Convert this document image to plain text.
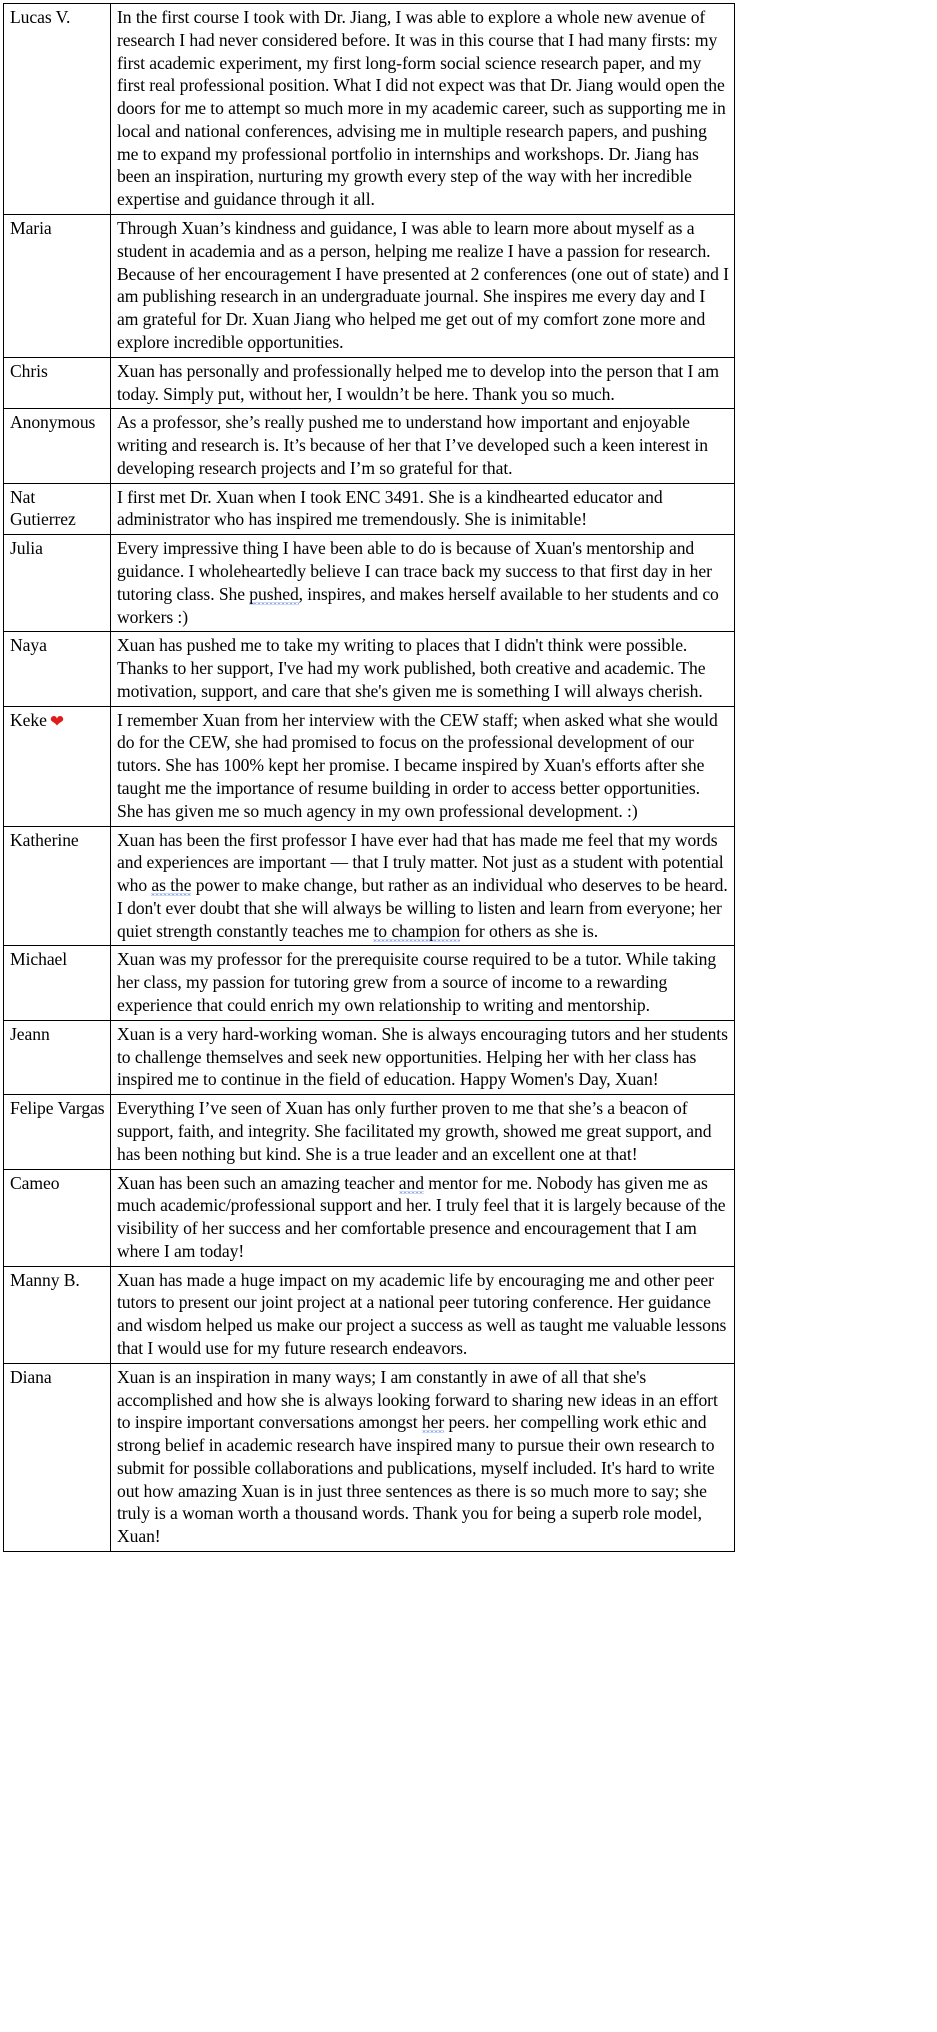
Lucas V.	In the first course I took with Dr. Jiang, I was able to explore a whole new avenue of research I had never considered before. It was in this course that I had many firsts: my first academic experiment, my first long-form social science research paper, and my first real professional position. What I did not expect was that Dr. Jiang would open the doors for me to attempt so much more in my academic career, such as supporting me in local and national conferences, advising me in multiple research papers, and pushing me to expand my professional portfolio in internships and workshops. Dr. Jiang has been an inspiration, nurturing my growth every step of the way with her incredible expertise and guidance through it all.
Maria	Through Xuan’s kindness and guidance, I was able to learn more about myself as a student in academia and as a person, helping me realize I have a passion for research. Because of her encouragement I have presented at 2 conferences (one out of state) and I am publishing research in an undergraduate journal. She inspires me every day and I am grateful for Dr. Xuan Jiang who helped me get out of my comfort zone more and explore incredible opportunities.
Chris	Xuan has personally and professionally helped me to develop into the person that I am today. Simply put, without her, I wouldn’t be here. Thank you so much.
Anonymous	As a professor, she’s really pushed me to understand how important and enjoyable writing and research is. It’s because of her that I’ve developed such a keen interest in developing research projects and I’m so grateful for that.
Nat Gutierrez	I first met Dr. Xuan when I took ENC 3491. She is a kindhearted educator and administrator who has inspired me tremendously. She is inimitable!
Julia	Every impressive thing I have been able to do is because of Xuan's mentorship and guidance. I wholeheartedly believe I can trace back my success to that first day in her tutoring class. She pushed, inspires, and makes herself available to her students and co workers :)
Naya	Xuan has pushed me to take my writing to places that I didn't think were possible. Thanks to her support, I've had my work published, both creative and academic. The motivation, support, and care that she's given me is something I will always cherish.
Keke ❤	I remember Xuan from her interview with the CEW staff; when asked what she would do for the CEW, she had promised to focus on the professional development of our tutors. She has 100% kept her promise. I became inspired by Xuan's efforts after she taught me the importance of resume building in order to access better opportunities. She has given me so much agency in my own professional development. :)
Katherine	Xuan has been the first professor I have ever had that has made me feel that my words and experiences are important — that I truly matter. Not just as a student with potential who as the power to make change, but rather as an individual who deserves to be heard. I don't ever doubt that she will always be willing to listen and learn from everyone; her quiet strength constantly teaches me to champion for others as she is.
Michael	Xuan was my professor for the prerequisite course required to be a tutor. While taking her class, my passion for tutoring grew from a source of income to a rewarding experience that could enrich my own relationship to writing and mentorship.
Jeann	Xuan is a very hard-working woman. She is always encouraging tutors and her students to challenge themselves and seek new opportunities. Helping her with her class has inspired me to continue in the field of education. Happy Women's Day, Xuan!
Felipe Vargas	Everything I’ve seen of Xuan has only further proven to me that she’s a beacon of support, faith, and integrity. She facilitated my growth, showed me great support, and has been nothing but kind. She is a true leader and an excellent one at that!
Cameo	Xuan has been such an amazing teacher and mentor for me. Nobody has given me as much academic/professional support and her. I truly feel that it is largely because of the visibility of her success and her comfortable presence and encouragement that I am where I am today!
Manny B.	Xuan has made a huge impact on my academic life by encouraging me and other peer tutors to present our joint project at a national peer tutoring conference. Her guidance and wisdom helped us make our project a success as well as taught me valuable lessons that I would use for my future research endeavors.
Diana	Xuan is an inspiration in many ways; I am constantly in awe of all that she's accomplished and how she is always looking forward to sharing new ideas in an effort to inspire important conversations amongst her peers. her compelling work ethic and strong belief in academic research have inspired many to pursue their own research to submit for possible collaborations and publications, myself included. It's hard to write out how amazing Xuan is in just three sentences as there is so much more to say; she truly is a woman worth a thousand words. Thank you for being a superb role model, Xuan!
